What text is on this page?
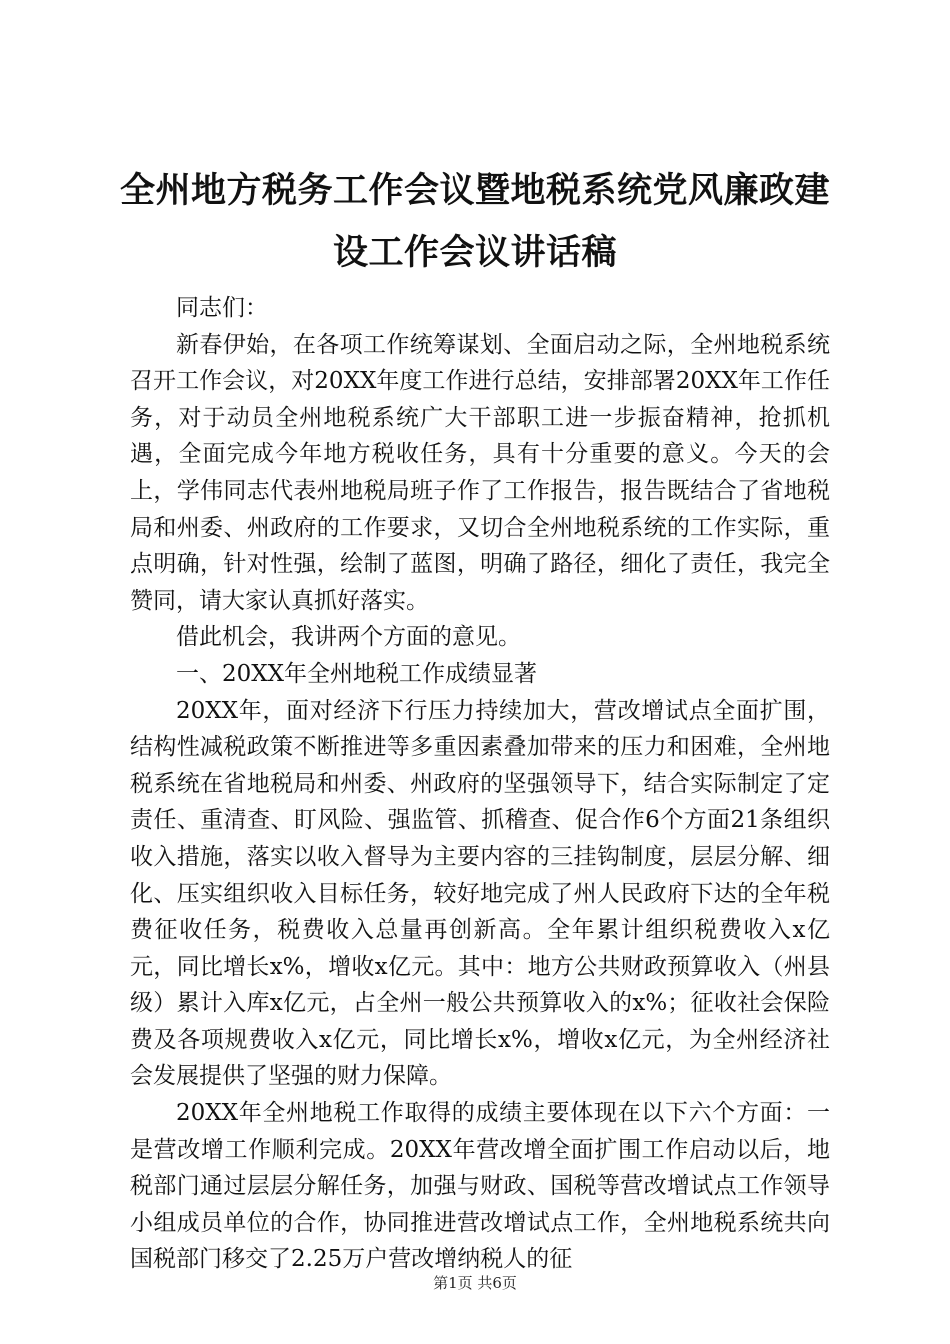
全州地方税务工作会议暨地税系统党风廉政建
设工作会议讲话稿

同志们：

新春伊始，在各项工作统筹谋划、全面启动之际，全州地税系统召开工作会议，对20XX年度工作进行总结，安排部署20XX年工作任务，对于动员全州地税系统广大干部职工进一步振奋精神，抢抓机遇，全面完成今年地方税收任务，具有十分重要的意义。今天的会上，学伟同志代表州地税局班子作了工作报告，报告既结合了省地税局和州委、州政府的工作要求，又切合全州地税系统的工作实际，重点明确，针对性强，绘制了蓝图，明确了路径，细化了责任，我完全赞同，请大家认真抓好落实。

借此机会，我讲两个方面的意见。

一、20XX年全州地税工作成绩显著

20XX年，面对经济下行压力持续加大，营改增试点全面扩围，结构性减税政策不断推进等多重因素叠加带来的压力和困难，全州地税系统在省地税局和州委、州政府的坚强领导下，结合实际制定了定责任、重清查、盯风险、强监管、抓稽查、促合作6个方面21条组织收入措施，落实以收入督导为主要内容的三挂钩制度，层层分解、细化、压实组织收入目标任务，较好地完成了州人民政府下达的全年税费征收任务，税费收入总量再创新高。全年累计组织税费收入x亿元，同比增长x%，增收x亿元。其中：地方公共财政预算收入（州县级）累计入库x亿元，占全州一般公共预算收入的x%；征收社会保险费及各项规费收入x亿元，同比增长x%，增收x亿元，为全州经济社会发展提供了坚强的财力保障。

20XX年全州地税工作取得的成绩主要体现在以下六个方面：一是营改增工作顺利完成。20XX年营改增全面扩围工作启动以后，地税部门通过层层分解任务，加强与财政、国税等营改增试点工作领导小组成员单位的合作，协同推进营改增试点工作，全州地税系统共向国税部门移交了2.25万户营改增纳税人的征

第1页 共6页
